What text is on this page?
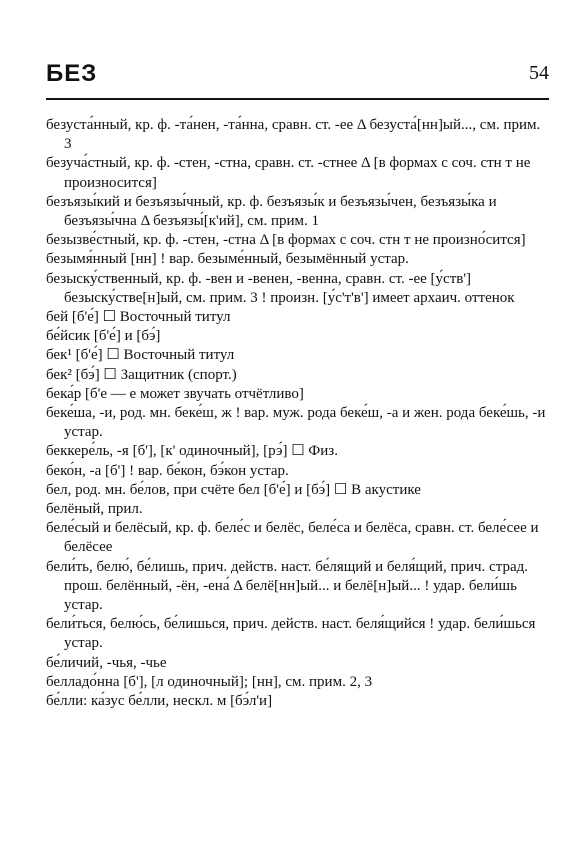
БЕЗ	54

безуста́нный, кр. ф. -та́нен, -та́нна, сравн. ст. -ее Δ безуста́[нн]ый..., см. прим. 3

безуча́стный, кр. ф. -стен, -стна, сравн. ст. -стнее Δ [в формах с соч. стн т не произносится]

безъязы́кий и безъязы́чный, кр. ф. безъязы́к и безъязы́чен, безъязы́ка и безъязы́чна Δ безъязы́[к'ий], см. прим. 1

безызве́стный, кр. ф. -стен, -стна Δ [в формах с соч. стн т не произно́сится]

безымя́нный [нн] ! вар. безыме́нный, безымённый устар.

безыску́ственный, кр. ф. -вен и -венен, -венна, сравн. ст. -ее [у́ств'] безыску́стве[н]ый, см. прим. 3 ! произн. [у́с'т'в'] имеет архаич. оттенок

бей [б'е́] ☐ Восточный титул

бе́йсик [б'е́] и [бэ́]

бек¹ [б'е́] ☐ Восточный титул

бек² [бэ́] ☐ Защитник (спорт.)

бека́р [б'е — е может звучать отчётливо]

беке́ша, -и, род. мн. беке́ш, ж ! вар. муж. рода беке́ш, -а и жен. рода беке́шь, -и устар.

беккере́ль, -я [б'], [к' одиночный], [рэ́] ☐ Физ.

беко́н, -а [б'] ! вар. бе́кон, бэ́кон устар.

бел, род. мн. бе́лов, при счёте бел [б'е́] и [бэ́] ☐ В акустике

белёный, прил.

беле́сый и белёсый, кр. ф. беле́с и белёс, беле́са и белёса, сравн. ст. беле́сее и белёсее

бели́ть, белю́, бе́лишь, прич. действ. наст. бе́лящий и беля́щий, прич. страд. прош. белённый, -ён, -ена́ Δ белё[нн]ый... и белё[н]ый... ! удар. бели́шь устар.

бели́ться, белю́сь, бе́лишься, прич. действ. наст. беля́щийся ! удар. бели́шься устар.

бе́личий, -чья, -чье

белладо́нна [б'], [л одиночный]; [нн], см. прим. 2, 3

бе́лли: ка́зус бе́лли, нескл. м [бэ́л'и]
